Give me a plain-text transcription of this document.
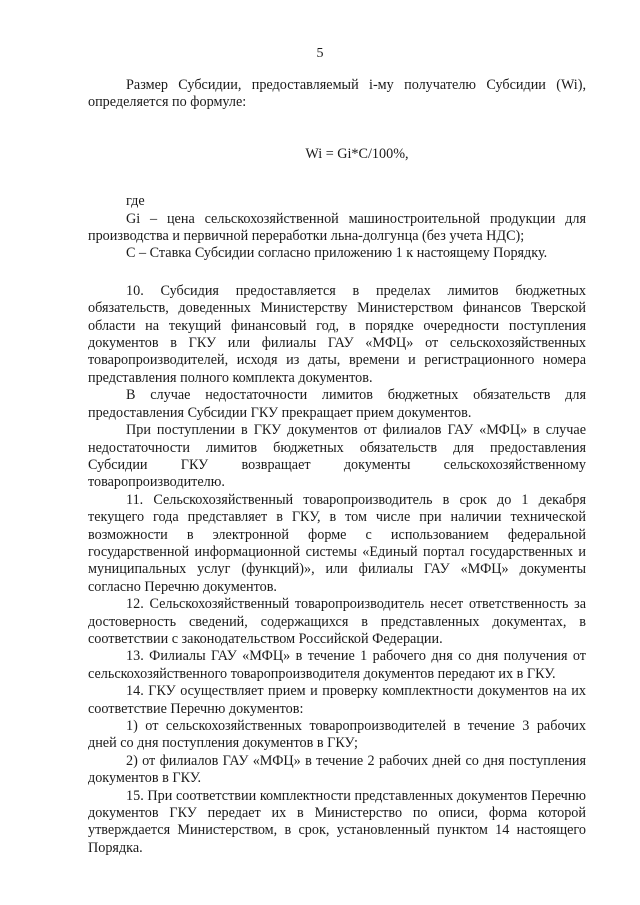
5

Размер Субсидии, предоставляемый i-му получателю Субсидии (Wi), определяется по формуле:

Wi = Gi*C/100%,

где

Gi – цена сельскохозяйственной машиностроительной продукции для производства и первичной переработки льна-долгунца (без учета НДС);

С – Ставка Субсидии согласно приложению 1 к настоящему Порядку.

10. Субсидия предоставляется в пределах лимитов бюджетных обязательств, доведенных Министерству Министерством финансов Тверской области на текущий финансовый год, в порядке очередности поступления документов в ГКУ или филиалы ГАУ «МФЦ» от сельскохозяйственных товаропроизводителей, исходя из даты, времени и регистрационного номера представления полного комплекта документов.

В случае недостаточности лимитов бюджетных обязательств для предоставления Субсидии ГКУ прекращает прием документов.

При поступлении в ГКУ документов от филиалов ГАУ «МФЦ» в случае недостаточности лимитов бюджетных обязательств для предоставления Субсидии ГКУ возвращает документы сельскохозяйственному товаропроизводителю.

11. Сельскохозяйственный товаропроизводитель в срок до 1 декабря текущего года представляет в ГКУ, в том числе при наличии технической возможности в электронной форме с использованием федеральной государственной информационной системы «Единый портал государственных и муниципальных услуг (функций)», или филиалы ГАУ «МФЦ» документы согласно Перечню документов.

12. Сельскохозяйственный товаропроизводитель несет ответственность за достоверность сведений, содержащихся в представленных документах, в соответствии с законодательством Российской Федерации.

13. Филиалы ГАУ «МФЦ» в течение 1 рабочего дня со дня получения от сельскохозяйственного товаропроизводителя документов передают их в ГКУ.

14. ГКУ осуществляет прием и проверку комплектности документов на их соответствие Перечню документов:

1) от сельскохозяйственных товаропроизводителей в течение 3 рабочих дней со дня поступления документов в ГКУ;

2) от филиалов ГАУ «МФЦ» в течение 2 рабочих дней со дня поступления документов в ГКУ.

15. При соответствии комплектности представленных документов Перечню документов ГКУ передает их в Министерство по описи, форма которой утверждается Министерством, в срок, установленный пунктом 14 настоящего Порядка.
